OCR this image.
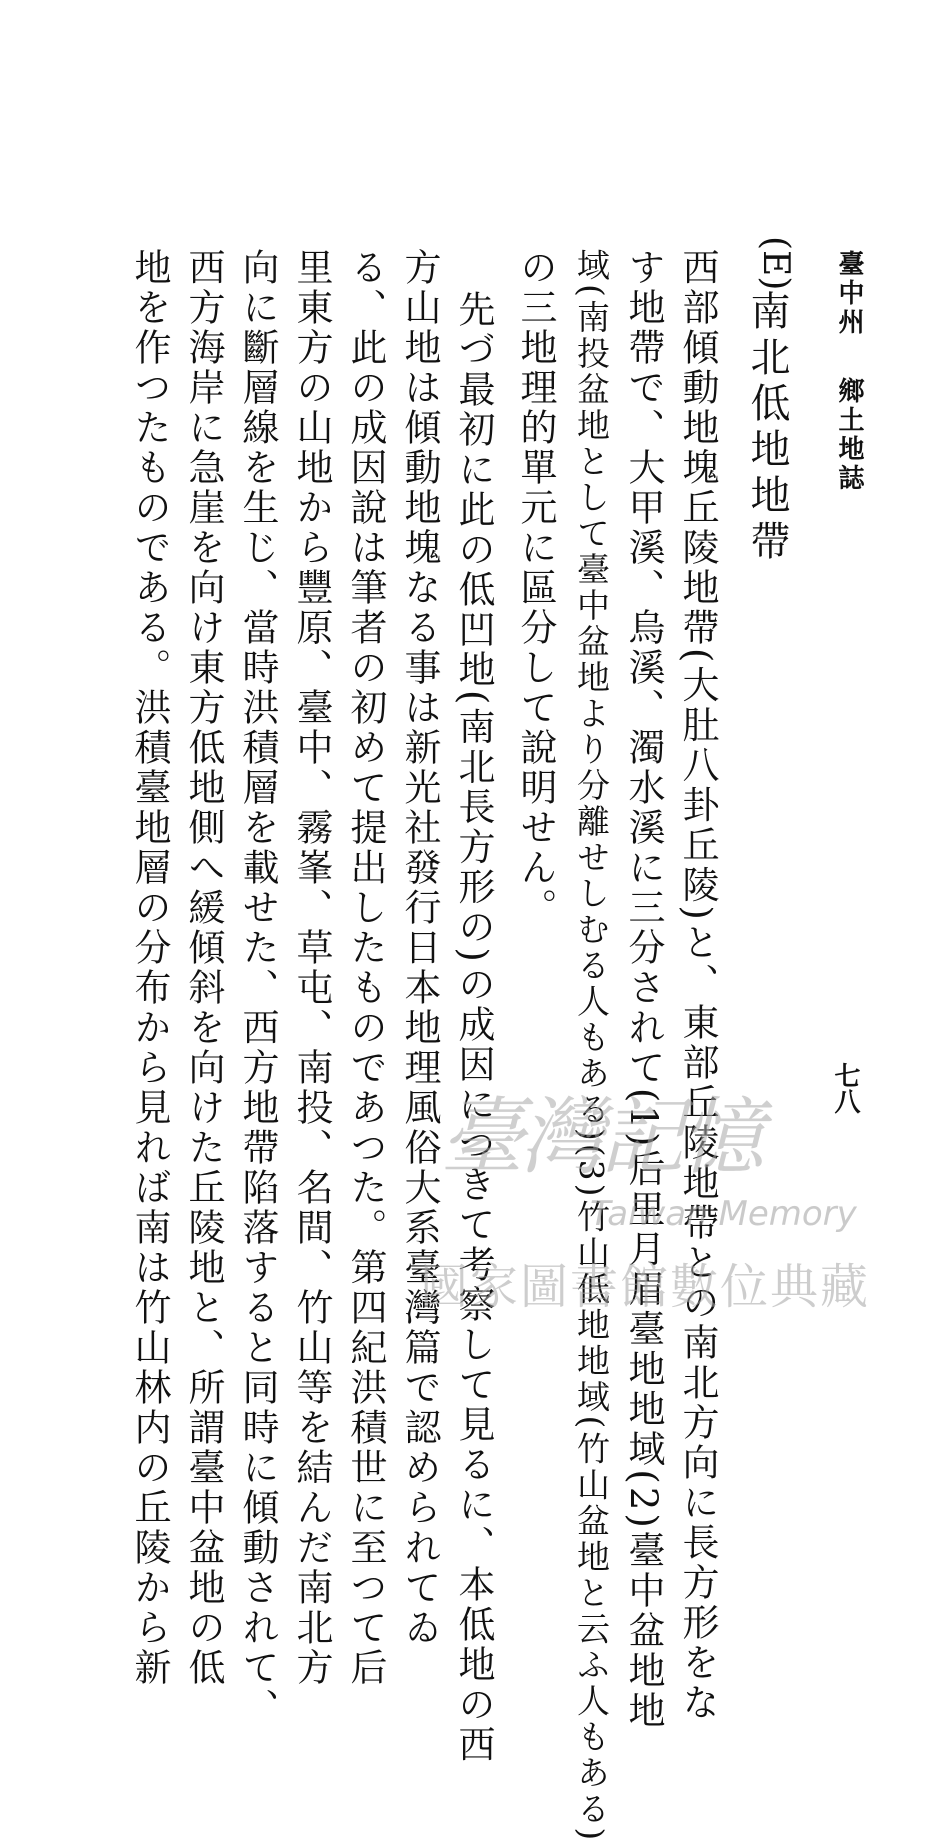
臺中州鄉土地誌
七八
(E)
南北低地地帶
西部傾動地塊丘陵地帶(大肚八卦丘陵)と、東部丘陵地帶との南北方向に長方形をな
す地帶で、大甲溪、烏溪、濁水溪に三分されて(1)后里月眉臺地地域(2)臺中盆地地
域(南投盆地として臺中盆地より分離せしむる人もある)(3)竹山低地地域(竹山盆地と云ふ人もある)
の三地理的單元に區分して說明せん。
先づ最初に此の低凹地(南北長方形の)の成因につきて考察して見るに、本低地の西
方山地は傾動地塊なる事は新光社發行日本地理風俗大系臺灣篇で認められてゐ
る、此の成因說は筆者の初めて提出したものであつた。第四紀洪積世に至つて后
里東方の山地から豐原、臺中、霧峯、草屯、南投、名間、竹山等を結んだ南北方
向に斷層線を生じ、當時洪積層を載せた、西方地帶陷落すると同時に傾動されて、
西方海岸に急崖を向け東方低地側へ緩傾斜を向けた丘陵地と、所謂臺中盆地の低
地を作つたものである。洪積臺地層の分布から見れば南は竹山林内の丘陵から新	臺灣記憶
Taiwan Memory
國家圖書館數位典藏
